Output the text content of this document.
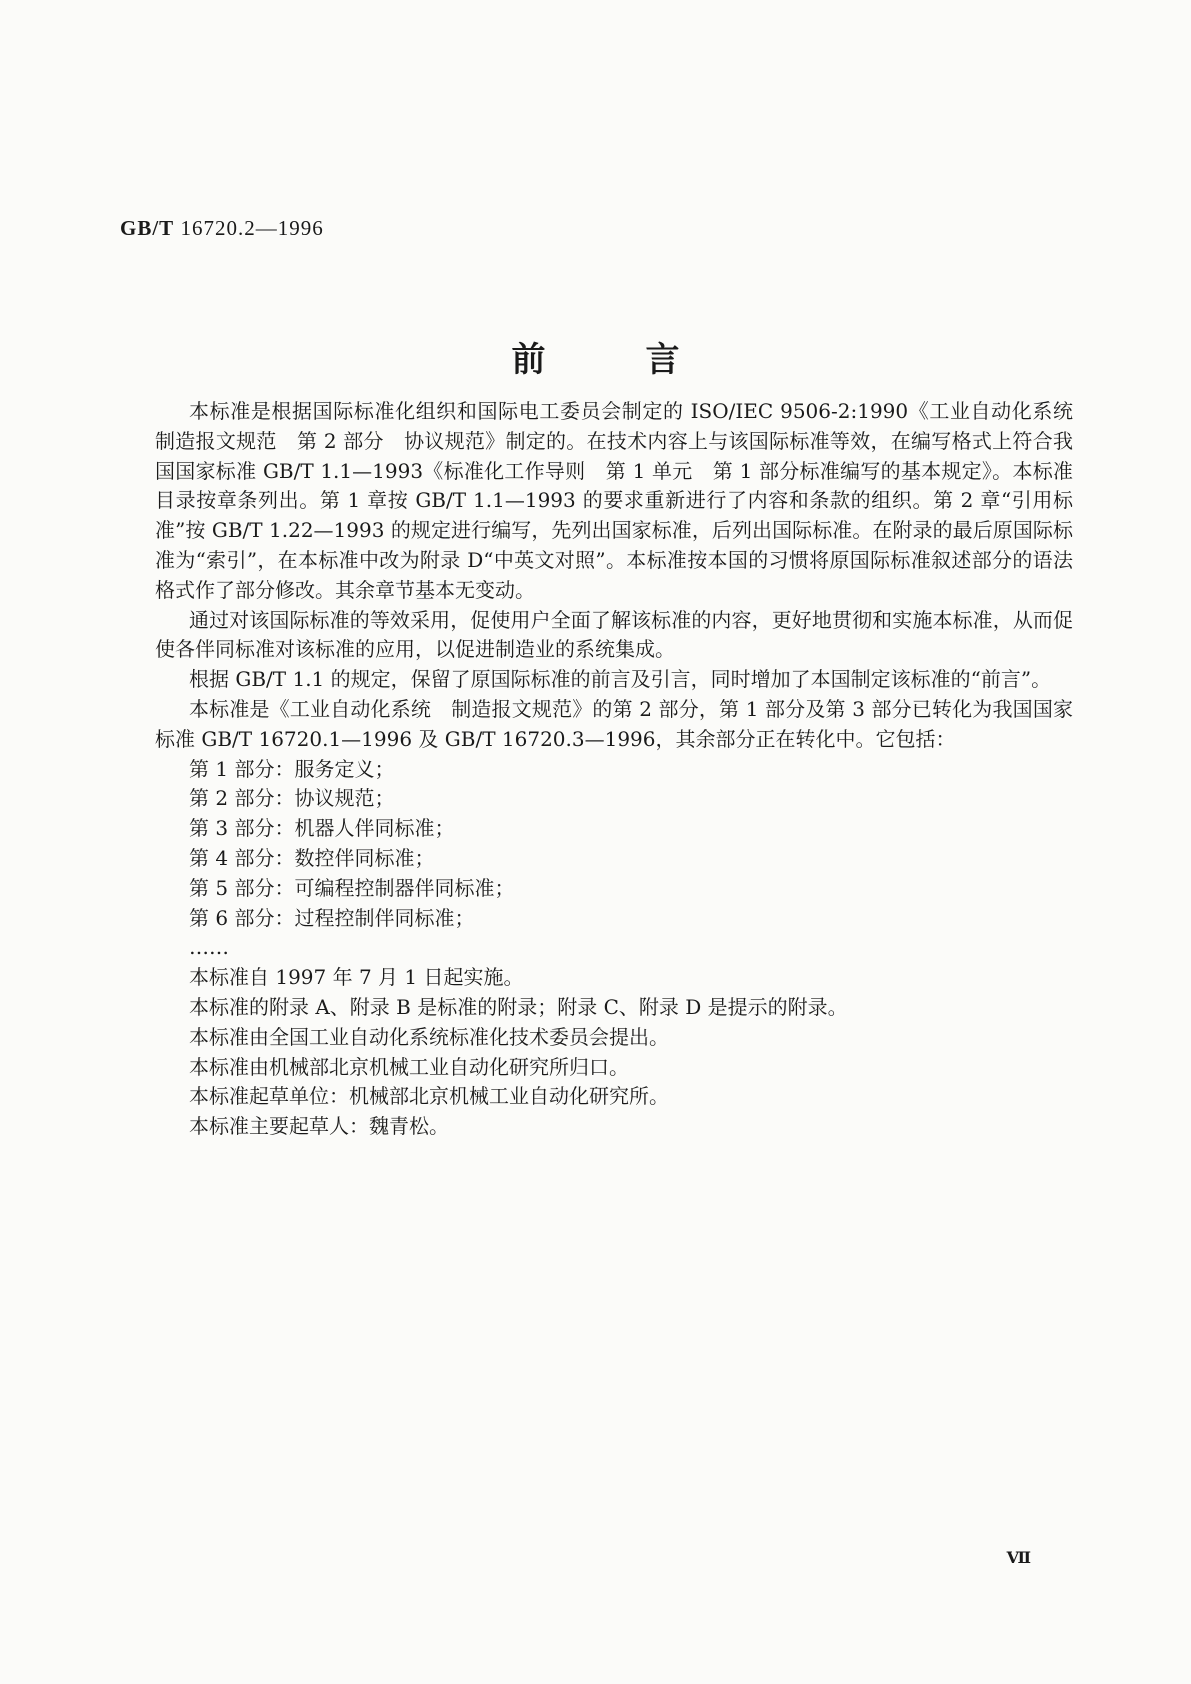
GB/T 16720.2—1996
前言

本标准是根据国际标准化组织和国际电工委员会制定的 ISO/IEC 9506-2:1990《工业自动化系统 制造报文规范　第 2 部分　协议规范》制定的。在技术内容上与该国际标准等效，在编写格式上符合我国国家标准 GB/T 1.1—1993《标准化工作导则　第 1 单元　第 1 部分标准编写的基本规定》。本标准目录按章条列出。第 1 章按 GB/T 1.1—1993 的要求重新进行了内容和条款的组织。第 2 章“引用标准”按 GB/T 1.22—1993 的规定进行编写，先列出国家标准，后列出国际标准。在附录的最后原国际标准为“索引”，在本标准中改为附录 D“中英文对照”。本标准按本国的习惯将原国际标准叙述部分的语法格式作了部分修改。其余章节基本无变动。

通过对该国际标准的等效采用，促使用户全面了解该标准的内容，更好地贯彻和实施本标准，从而促使各伴同标准对该标准的应用，以促进制造业的系统集成。

根据 GB/T 1.1 的规定，保留了原国际标准的前言及引言，同时增加了本国制定该标准的“前言”。

本标准是《工业自动化系统　制造报文规范》的第 2 部分，第 1 部分及第 3 部分已转化为我国国家标准 GB/T 16720.1—1996 及 GB/T 16720.3—1996，其余部分正在转化中。它包括：

第 1 部分：服务定义；

第 2 部分：协议规范；

第 3 部分：机器人伴同标准；

第 4 部分：数控伴同标准；

第 5 部分：可编程控制器伴同标准；

第 6 部分：过程控制伴同标准；

……

本标准自 1997 年 7 月 1 日起实施。

本标准的附录 A、附录 B 是标准的附录；附录 C、附录 D 是提示的附录。

本标准由全国工业自动化系统标准化技术委员会提出。

本标准由机械部北京机械工业自动化研究所归口。

本标准起草单位：机械部北京机械工业自动化研究所。

本标准主要起草人：魏青松。

Ⅶ
